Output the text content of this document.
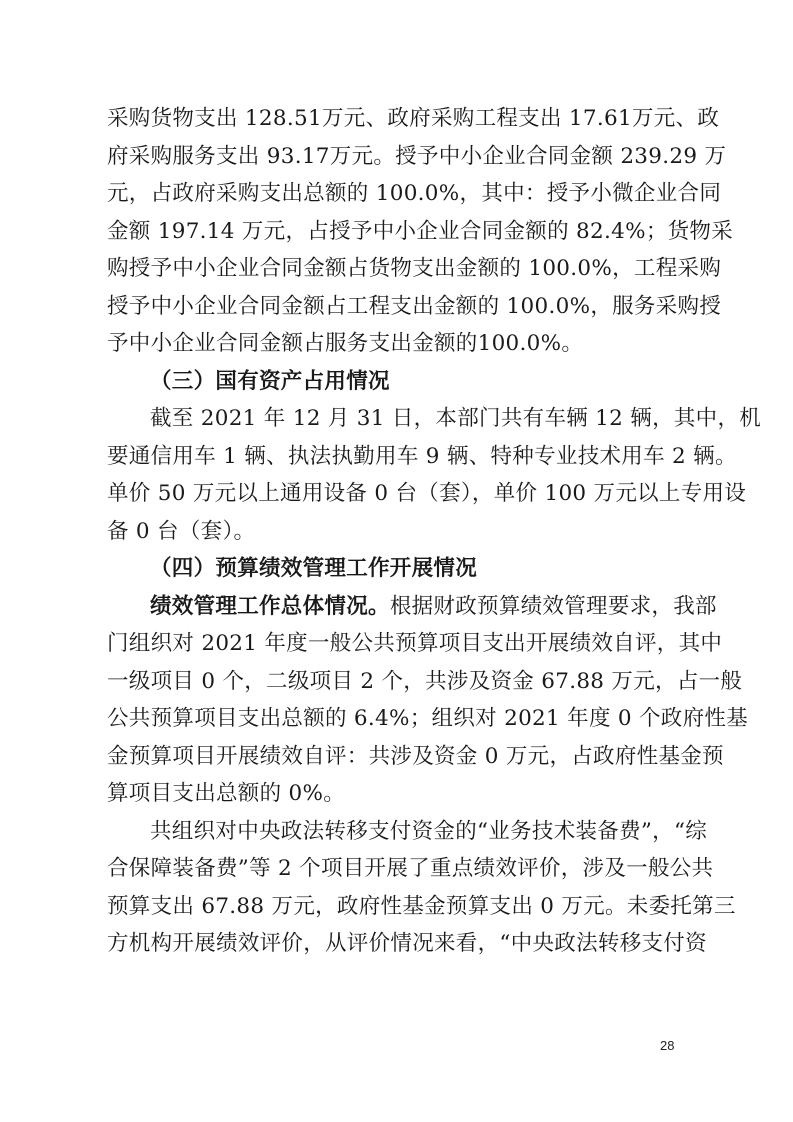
采购货物支出 128.51万元、政府采购工程支出 17.61万元、政
府采购服务支出 93.17万元。授予中小企业合同金额 239.29 万
元，占政府采购支出总额的 100.0%，其中：授予小微企业合同
金额 197.14 万元，占授予中小企业合同金额的 82.4%；货物采
购授予中小企业合同金额占货物支出金额的 100.0%，工程采购
授予中小企业合同金额占工程支出金额的 100.0%，服务采购授
予中小企业合同金额占服务支出金额的100.0%。
（三）国有资产占用情况
截至 2021 年 12 月 31 日，本部门共有车辆 12 辆，其中，机
要通信用车 1 辆、执法执勤用车 9 辆、特种专业技术用车 2 辆。
单价 50 万元以上通用设备 0 台（套），单价 100 万元以上专用设
备 0 台（套）。
（四）预算绩效管理工作开展情况
绩效管理工作总体情况。根据财政预算绩效管理要求，我部
门组织对 2021 年度一般公共预算项目支出开展绩效自评，其中
一级项目 0 个，二级项目 2 个，共涉及资金 67.88 万元，占一般
公共预算项目支出总额的 6.4%；组织对 2021 年度 0 个政府性基
金预算项目开展绩效自评：共涉及资金 0 万元，占政府性基金预
算项目支出总额的 0%。
共组织对中央政法转移支付资金的“业务技术装备费”，“综
合保障装备费”等 2 个项目开展了重点绩效评价，涉及一般公共
预算支出 67.88 万元，政府性基金预算支出 0 万元。未委托第三
方机构开展绩效评价，从评价情况来看，“中央政法转移支付资
28
